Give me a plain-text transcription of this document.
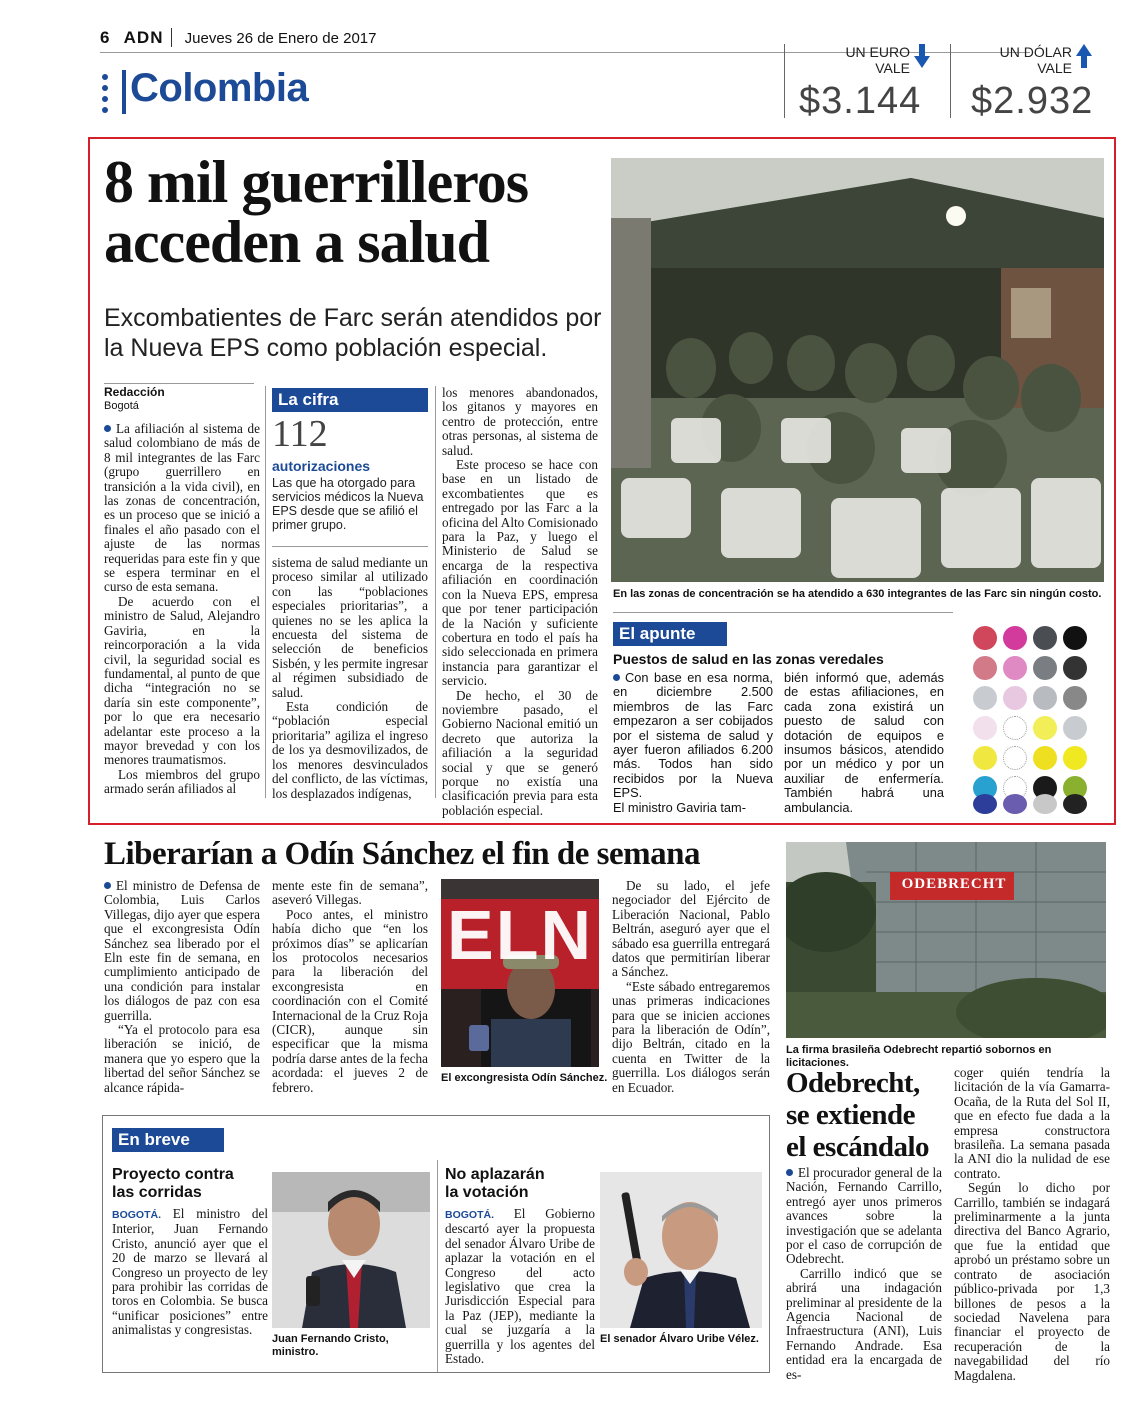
6 ADN Jueves 26 de Enero de 2017
Colombia
UN EURO
VALE
$3.144
UN DÓLAR
VALE
$2.932
8 mil guerrilleros
acceden a salud
Excombatientes de Farc serán atendidos por la Nueva EPS como población especial.
Redacción
Bogotá

La afiliación al sistema de salud colombiano de más de 8 mil integrantes de las Farc (grupo guerrillero en transición a la vida civil), en las zonas de concentración, es un proceso que se inició a finales el año pasado con el ajuste de las normas requeridas para este fin y que se espera terminar en el curso de esta semana.

De acuerdo con el ministro de Salud, Alejandro Gaviria, en la reincorporación a la vida civil, la seguridad social es fundamental, al punto de que dicha “integración no se daría sin este componente”, por lo que era necesario adelantar este proceso a la mayor brevedad y con los menores traumatismos.

Los miembros del grupo armado serán afiliados al

La cifra
112
autorizaciones
Las que ha otorgado para servicios médicos la Nueva EPS desde que se afilió el primer grupo.

sistema de salud mediante un proceso similar al utilizado con las “poblaciones especiales prioritarias”, a quienes no se les aplica la encuesta del sistema de selección de beneficios Sisbén, y les permite ingresar al régimen subsidiado de salud.

Esta condición de “población especial prioritaria” agiliza el ingreso de los ya desmovilizados, de los menores desvinculados del conflicto, de las víctimas, los desplazados indígenas,

los menores abandonados, los gitanos y mayores en centro de protección, entre otras personas, al sistema de salud.

Este proceso se hace con base en un listado de excombatientes que es entregado por las Farc a la oficina del Alto Comisionado para la Paz, y luego el Ministerio de Salud se encarga de la respectiva afiliación en coordinación con la Nueva EPS, empresa que por tener participación de la Nación y suficiente cobertura en todo el país ha sido seleccionada en primera instancia para garantizar el servicio.

De hecho, el 30 de noviembre pasado, el Gobierno Nacional emitió un decreto que autoriza la afiliación a la seguridad social y que se generó porque no existía una clasificación previa para esta población especial.

En las zonas de concentración se ha atendido a 630 integrantes de las Farc sin ningún costo.
El apunte
Puestos de salud en las zonas veredales
Con base en esa norma, en diciembre 2.500 miembros de las Farc empezaron a ser cobijados por el sistema de salud y ayer fueron afiliados 6.200 más. Todos han sido recibidos por la Nueva EPS.
El ministro Gaviria tam-
bién informó que, además de estas afiliaciones, en cada zona existirá un puesto de salud con dotación de equipos e insumos básicos, atendido por un médico y por un auxiliar de enfermería. También habrá una ambulancia.
Liberarían a Odín Sánchez el fin de semana

El ministro de Defensa de Colombia, Luis Carlos Villegas, dijo ayer que espera que el excongresista Odín Sánchez sea liberado por el Eln este fin de semana, en cumplimiento anticipado de una condición para instalar los diálogos de paz con esa guerrilla.

“Ya el protocolo para esa liberación se inició, de manera que yo espero que la libertad del señor Sánchez se alcance rápida-

mente este fin de semana”, aseveró Villegas.

Poco antes, el ministro había dicho que “en los próximos días” se aplicarían los protocolos necesarios para la liberación del excongresista en coordinación con el Comité Internacional de la Cruz Roja (CICR), aunque sin especificar que la misma podría darse antes de la fecha acordada: el jueves 2 de febrero.

ELN
El excongresista Odín Sánchez.

De su lado, el jefe negociador del Ejército de Liberación Nacional, Pablo Beltrán, aseguró ayer que el sábado esa guerrilla entregará datos que permitirían liberar a Sánchez.

“Este sábado entregaremos unas primeras indicaciones para que se inicien acciones para la liberación de Odín”, dijo Beltrán, citado en la cuenta en Twitter de la guerrilla. Los diálogos serán en Ecuador.

ODEBRECHT
La firma brasileña Odebrecht repartió sobornos en licitaciones.
Odebrecht,
se extiende
el escándalo

El procurador general de la Nación, Fernando Carrillo, entregó ayer unos primeros avances sobre la investigación que se adelanta por el caso de corrupción de Odebrecht.

Carrillo indicó que se abrirá una indagación preliminar al presidente de la Agencia Nacional de Infraestructura (ANI), Luis Fernando Andrade. Esa entidad era la encargada de es-

coger quién tendría la licitación de la vía Gamarra-Ocaña, de la Ruta del Sol II, que en efecto fue dada a la empresa constructora brasileña. La semana pasada la ANI dio la nulidad de ese contrato.

Según lo dicho por Carrillo, también se indagará preliminarmente a la junta directiva del Banco Agrario, que fue la entidad que aprobó un préstamo sobre un contrato de asociación público-privada por 1,3 billones de pesos a la sociedad Navelena para financiar el proyecto de recuperación de la navegabilidad del río Magdalena.

En breve
Proyecto contra
las corridas
BOGOTÁ. El ministro del Interior, Juan Fernando Cristo, anunció ayer que el 20 de marzo se llevará al Congreso un proyecto de ley para prohibir las corridas de toros en Colombia. Se busca “unificar posiciones” entre animalistas y congresistas.
Juan Fernando Cristo, ministro.
No aplazarán
la votación
BOGOTÁ. El Gobierno descartó ayer la propuesta del senador Álvaro Uribe de aplazar la votación en el Congreso del acto legislativo que crea la Jurisdicción Especial para la Paz (JEP), mediante la cual se juzgaría a la guerrilla y los agentes del Estado.
El senador Álvaro Uribe Vélez.
